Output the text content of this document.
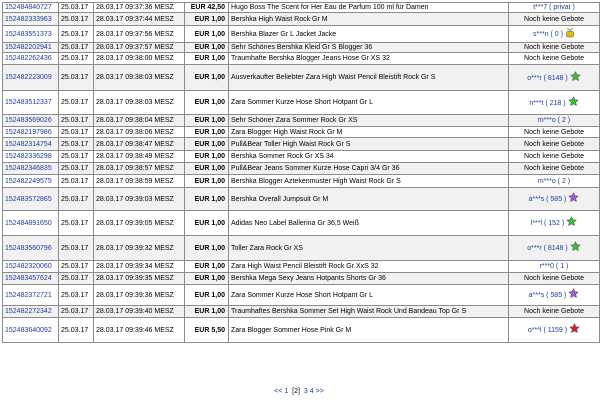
152484840727	25.03.17	28.03.17 09:37:36 MESZ	EUR 42,50	Hugo Boss The Scent for Her Eau de Parfum 100 ml für Damen	t***7 ( privat )
152482333963	25.03.17	28.03.17 09:37:44 MESZ	EUR 1,00	Bershka High Waist Rock Gr M	Noch keine Gebote
152483551373	25.03.17	28.03.17 09:37:56 MESZ	EUR 1,00	Bershka Blazer Gr L Jacket Jacke	s***n ( 0 )
152482202941	25.03.17	28.03.17 09:37:57 MESZ	EUR 1,00	Sehr Schönes Bershka Kleid Gr S Blogger 36	Noch keine Gebote
152482262436	25.03.17	28.03.17 09:38:00 MESZ	EUR 1,00	Traumhafte Bershka Blogger Jeans Hose Gr XS 32	Noch keine Gebote
152482223009	25.03.17	28.03.17 09:38:03 MESZ	EUR 1,00	Ausverkaufter Beliebter Zara High Waist Pencil Bleistift Rock Gr S	o***r ( 8148 )
152483512337	25.03.17	28.03.17 09:38:03 MESZ	EUR 1,00	Zara Sommer Kurze Hose Short Hotpant Gr L	n***t ( 218 )
152483569026	25.03.17	28.03.17 09:38:04 MESZ	EUR 1,00	Sehr Schöner Zara Sommer Rock Gr XS	m***o ( 2 )
152482197986	25.03.17	28.03.17 09:38:06 MESZ	EUR 1,00	Zara Blogger High Waist Rock Gr M	Noch keine Gebote
152482314754	25.03.17	28.03.17 09:38:47 MESZ	EUR 1,00	Pull&Bear Toller High Waist Rock Gr S	Noch keine Gebote
152482336298	25.03.17	28.03.17 09:38:49 MESZ	EUR 1,00	Bershka Sommer Rock Gr XS 34	Noch keine Gebote
152482346835	25.03.17	28.03.17 09:38:57 MESZ	EUR 1,00	Pull&Bear Jeans Sommer Kurze Hose Capri 3/4 Gr 36	Noch keine Gebote
152482249575	25.03.17	28.03.17 09:38:59 MESZ	EUR 1,00	Bershka Blogger Aztekenmuster High Waist Rock Gr S	m***o ( 2 )
152483572865	25.03.17	28.03.17 09:39:03 MESZ	EUR 1,00	Bershka Overall Jumpsuit Gr M	a***s ( 585 )
152484891650	25.03.17	28.03.17 09:39:05 MESZ	EUR 1,00	Adidas Neo Label Ballerina Gr 36,5 Weiß	l***l ( 152 )
152483560796	25.03.17	28.03.17 09:39:32 MESZ	EUR 1,00	Toller Zara Rock Gr XS	o***r ( 8148 )
152482320060	25.03.17	28.03.17 09:39:34 MESZ	EUR 1,00	Zara High Waist Pencil Bleistift Rock Gr XxS 32	r***0 ( 1 )
152483457624	25.03.17	28.03.17 09:39:35 MESZ	EUR 1,00	Bershka Mega Sexy Jeans Hotpants Shorts Gr 36	Noch keine Gebote
152482372721	25.03.17	28.03.17 09:39:36 MESZ	EUR 1,00	Zara Sommer Kurze Hose Short Hotpant Gr L	a***s ( 585 )
152482272342	25.03.17	28.03.17 09:39:40 MESZ	EUR 1,00	Traumhaftes Bershka Sommer Set High Waist Rock Und Bandeau Top Gr S	Noch keine Gebote
152483640092	25.03.17	28.03.17 09:39:46 MESZ	EUR 5,50	Zara Blogger Sommer Hose Pink Gr M	o***l ( 1159 )
<< 1 [2] 3 4 >>
